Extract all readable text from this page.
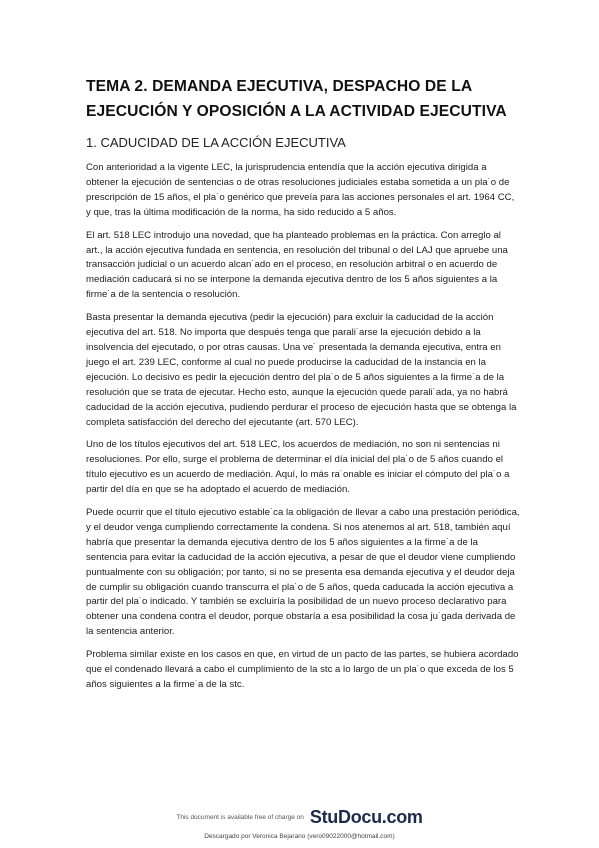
TEMA 2. DEMANDA EJECUTIVA, DESPACHO DE LA EJECUCIÓN Y OPOSICIÓN A LA ACTIVIDAD EJECUTIVA
1. CADUCIDAD DE LA ACCIÓN EJECUTIVA

Con anterioridad a la vigente LEC, la jurisprudencia entendía que la acción ejecutiva dirigida a obtener la ejecución de sentencias o de otras resoluciones judiciales estaba sometida a un pla˙o de prescripción de 15 años, el pla˙o genérico que preveía para las acciones personales el art. 1964 CC, y que, tras la última modificación de la norma, ha sido reducido a 5 años.

El art. 518 LEC introdujo una novedad, que ha planteado problemas en la práctica. Con arreglo al art., la acción ejecutiva fundada en sentencia, en resolución del tribunal o del LAJ que apruebe una transacción judicial o un acuerdo alcan˙ado en el proceso, en resolución arbitral o en acuerdo de mediación caducará si no se interpone la demanda ejecutiva dentro de los 5 años siguientes a la firme˙a de la sentencia o resolución.

Basta presentar la demanda ejecutiva (pedir la ejecución) para excluir la caducidad de la acción ejecutiva del art. 518. No importa que después tenga que parali˙arse la ejecución debido a la insolvencia del ejecutado, o por otras causas. Una ve˙ presentada la demanda ejecutiva, entra en juego el art. 239 LEC, conforme al cual no puede producirse la caducidad de la instancia en la ejecución. Lo decisivo es pedir la ejecución dentro del pla˙o de 5 años siguientes a la firme˙a de la resolución que se trata de ejecutar. Hecho esto, aunque la ejecución quede parali˙ada, ya no habrá caducidad de la acción ejecutiva, pudiendo perdurar el proceso de ejecución hasta que se obtenga la completa satisfacción del derecho del ejecutante (art. 570 LEC).

Uno de los títulos ejecutivos del art. 518 LEC, los acuerdos de mediación, no son ni sentencias ni resoluciones. Por ello, surge el problema de determinar el día inicial del pla˙o de 5 años cuando el título ejecutivo es un acuerdo de mediación. Aquí, lo más ra˙onable es iniciar el cómputo del pla˙o a partir del día en que se ha adoptado el acuerdo de mediación.

Puede ocurrir que el título ejecutivo estable˙ca la obligación de llevar a cabo una prestación periódica, y el deudor venga cumpliendo correctamente la condena. Si nos atenemos al art. 518, también aquí habría que presentar la demanda ejecutiva dentro de los 5 años siguientes a la firme˙a de la sentencia para evitar la caducidad de la acción ejecutiva, a pesar de que el deudor viene cumpliendo puntualmente con su obligación; por tanto, si no se presenta esa demanda ejecutiva y el deudor deja de cumplir su obligación cuando transcurra el pla˙o de 5 años, queda caducada la acción ejecutiva a partir del pla˙o indicado. Y también se excluiría la posibilidad de un nuevo proceso declarativo para obtener una condena contra el deudor, porque obstaría a esa posibilidad la cosa ju˙gada derivada de la sentencia anterior.

Problema similar existe en los casos en que, en virtud de un pacto de las partes, se hubiera acordado que el condenado llevará a cabo el cumplimiento de la stc a lo largo de un pla˙o que exceda de los 5 años siguientes a la firme˙a de la stc.

This document is available free of charge on StuDocu.com
Descargado por Veronica Bejarano (vero09022000@hotmail.com)
